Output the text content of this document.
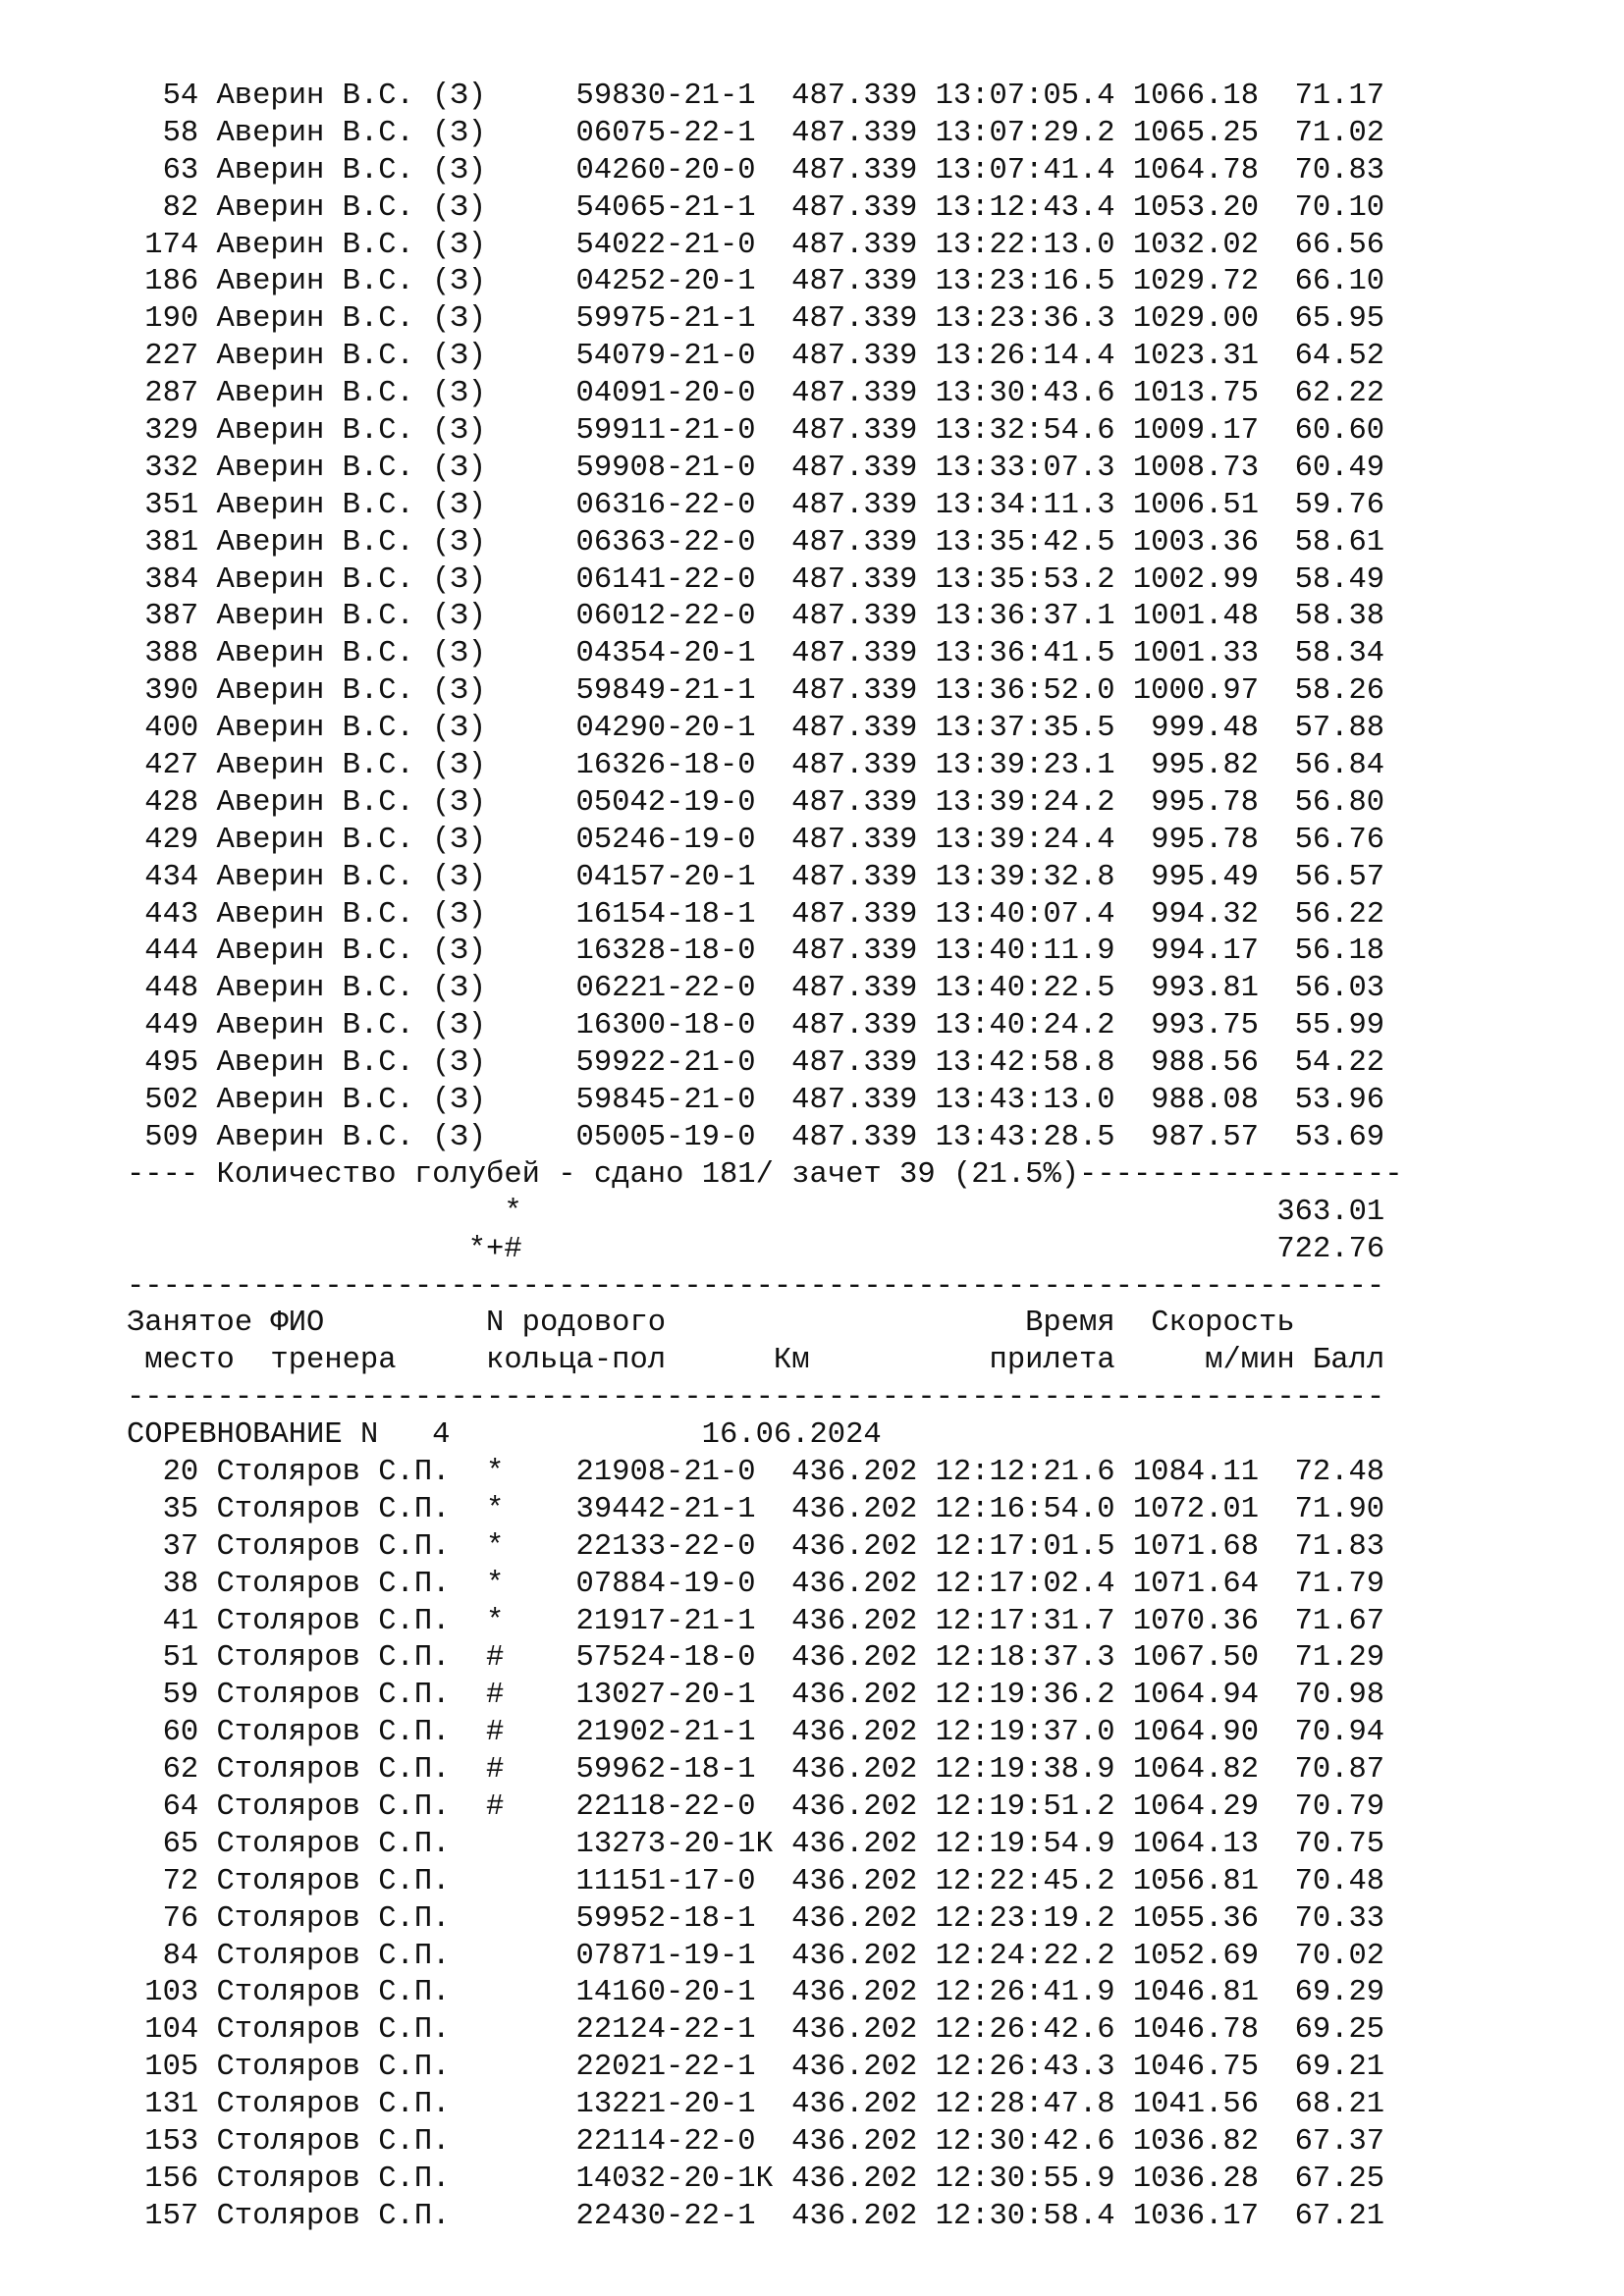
54 Аверин В.С. (З)	59830-21-1 487.339 13:07:05.4 1066.18 71.17
58 Аверин В.С. (З)	06075-22-1 487.339 13:07:29.2 1065.25 71.02
63 Аверин В.С. (З)	04260-20-0 487.339 13:07:41.4 1064.78 70.83
82 Аверин В.С. (З)	54065-21-1 487.339 13:12:43.4 1053.20 70.10
174 Аверин В.С. (З)	54022-21-0 487.339 13:22:13.0 1032.02 66.56
186 Аверин В.С. (З)	04252-20-1 487.339 13:23:16.5 1029.72 66.10
190 Аверин В.С. (З)	59975-21-1 487.339 13:23:36.3 1029.00 65.95
227 Аверин В.С. (З)	54079-21-0 487.339 13:26:14.4 1023.31 64.52
287 Аверин В.С. (З)	04091-20-0 487.339 13:30:43.6 1013.75 62.22
329 Аверин В.С. (З)	59911-21-0 487.339 13:32:54.6 1009.17 60.60
332 Аверин В.С. (З)	59908-21-0 487.339 13:33:07.3 1008.73 60.49
351 Аверин В.С. (З)	06316-22-0 487.339 13:34:11.3 1006.51 59.76
381 Аверин В.С. (З)	06363-22-0 487.339 13:35:42.5 1003.36 58.61
384 Аверин В.С. (З)	06141-22-0 487.339 13:35:53.2 1002.99 58.49
387 Аверин В.С. (З)	06012-22-0 487.339 13:36:37.1 1001.48 58.38
388 Аверин В.С. (З)	04354-20-1 487.339 13:36:41.5 1001.33 58.34
390 Аверин В.С. (З)	59849-21-1 487.339 13:36:52.0 1000.97 58.26
400 Аверин В.С. (З)	04290-20-1 487.339 13:37:35.5 999.48 57.88
427 Аверин В.С. (З)	16326-18-0 487.339 13:39:23.1 995.82 56.84
428 Аверин В.С. (З)	05042-19-0 487.339 13:39:24.2 995.78 56.80
429 Аверин В.С. (З)	05246-19-0 487.339 13:39:24.4 995.78 56.76
434 Аверин В.С. (З)	04157-20-1 487.339 13:39:32.8 995.49 56.57
443 Аверин В.С. (З)	16154-18-1 487.339 13:40:07.4 994.32 56.22
444 Аверин В.С. (З)	16328-18-0 487.339 13:40:11.9 994.17 56.18
448 Аверин В.С. (З)	06221-22-0 487.339 13:40:22.5 993.81 56.03
449 Аверин В.С. (З)	16300-18-0 487.339 13:40:24.2 993.75 55.99
495 Аверин В.С. (З)	59922-21-0 487.339 13:42:58.8 988.56 54.22
502 Аверин В.С. (З)	59845-21-0 487.339 13:43:13.0 988.08 53.96
509 Аверин В.С. (З)	05005-19-0 487.339 13:43:28.5 987.57 53.69
---- Количество голубей - сдано 181/ зачет 39 (21.5%)------------------
*	363.01
*+#	722.76
----------------------------------------------------------------------
Занятое ФИО	N родового	Время Скорость
место тренера	кольца-пол	Км	прилета	м/мин Балл
----------------------------------------------------------------------
СОРЕВНОВАНИЕ N 4	16.06.2024
20 Столяров С.П. * 21908-21-0 436.202 12:12:21.6 1084.11 72.48
35 Столяров С.П. * 39442-21-1 436.202 12:16:54.0 1072.01 71.90
37 Столяров С.П. * 22133-22-0 436.202 12:17:01.5 1071.68 71.83
38 Столяров С.П. * 07884-19-0 436.202 12:17:02.4 1071.64 71.79
41 Столяров С.П. * 21917-21-1 436.202 12:17:31.7 1070.36 71.67
51 Столяров С.П. # 57524-18-0 436.202 12:18:37.3 1067.50 71.29
59 Столяров С.П. # 13027-20-1 436.202 12:19:36.2 1064.94 70.98
60 Столяров С.П. # 21902-21-1 436.202 12:19:37.0 1064.90 70.94
62 Столяров С.П. # 59962-18-1 436.202 12:19:38.9 1064.82 70.87
64 Столяров С.П. # 22118-22-0 436.202 12:19:51.2 1064.29 70.79
65 Столяров С.П.	13273-20-1К 436.202 12:19:54.9 1064.13 70.75
72 Столяров С.П.	11151-17-0 436.202 12:22:45.2 1056.81 70.48
76 Столяров С.П.	59952-18-1 436.202 12:23:19.2 1055.36 70.33
84 Столяров С.П.	07871-19-1 436.202 12:24:22.2 1052.69 70.02
103 Столяров С.П.	14160-20-1 436.202 12:26:41.9 1046.81 69.29
104 Столяров С.П.	22124-22-1 436.202 12:26:42.6 1046.78 69.25
105 Столяров С.П.	22021-22-1 436.202 12:26:43.3 1046.75 69.21
131 Столяров С.П.	13221-20-1 436.202 12:28:47.8 1041.56 68.21
153 Столяров С.П.	22114-22-0 436.202 12:30:42.6 1036.82 67.37
156 Столяров С.П.	14032-20-1К 436.202 12:30:55.9 1036.28 67.25
157 Столяров С.П.	22430-22-1 436.202 12:30:58.4 1036.17 67.21
